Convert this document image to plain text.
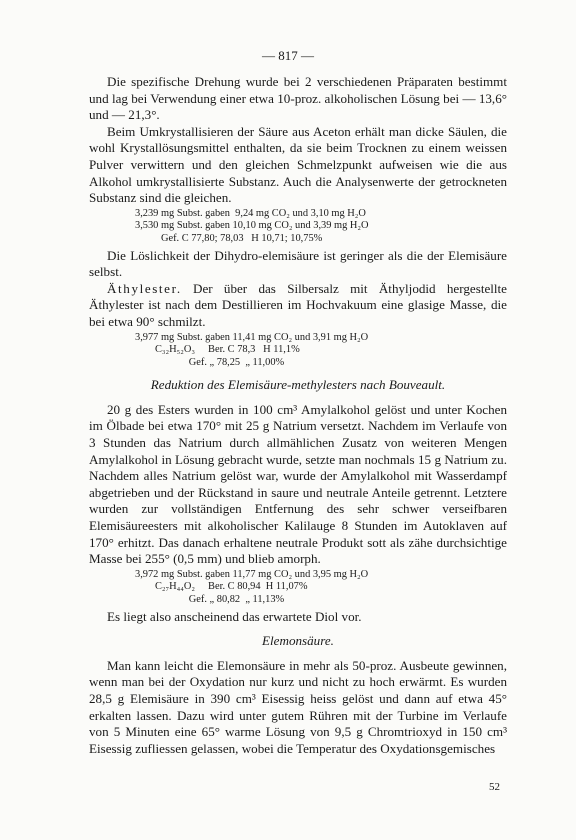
— 817 —

Die spezifische Drehung wurde bei 2 verschiedenen Präparaten bestimmt und lag bei Verwendung einer etwa 10-proz. alkoholischen Lösung bei — 13,6° und — 21,3°.

Beim Umkrystallisieren der Säure aus Aceton erhält man dicke Säulen, die wohl Krystallösungsmittel enthalten, da sie beim Trocknen zu einem weissen Pulver verwittern und den gleichen Schmelzpunkt aufweisen wie die aus Alkohol umkrystallisierte Substanz. Auch die Analysenwerte der getrockneten Substanz sind die gleichen.

3,239 mg Subst. gaben  9,24 mg CO₂ und 3,10 mg H₂O
3,530 mg Subst. gaben 10,10 mg CO₂ und 3,39 mg H₂O
Gef. C 77,80; 78,03   H 10,71; 10,75%

Die Löslichkeit der Dihydro-elemisäure ist geringer als die der Elemisäure selbst.

Äthylester. Der über das Silbersalz mit Äthyljodid hergestellte Äthylester ist nach dem Destillieren im Hochvakuum eine glasige Masse, die bei etwa 90° schmilzt.

3,977 mg Subst. gaben 11,41 mg CO₂ und 3,91 mg H₂O
C₃₂H₅₂O₃     Ber. C 78,3   H 11,1%
Gef. „ 78,25  „ 11,00%

Reduktion des Elemisäure-methylesters nach Bouveault.

20 g des Esters wurden in 100 cm³ Amylalkohol gelöst und unter Kochen im Ölbade bei etwa 170° mit 25 g Natrium versetzt. Nachdem im Verlaufe von 3 Stunden das Natrium durch allmählichen Zusatz von weiteren Mengen Amylalkohol in Lösung gebracht wurde, setzte man nochmals 15 g Natrium zu. Nachdem alles Natrium gelöst war, wurde der Amylalkohol mit Wasserdampf abgetrieben und der Rückstand in saure und neutrale Anteile getrennt. Letztere wurden zur vollständigen Entfernung des sehr schwer verseifbaren Elemisäureesters mit alkoholischer Kalilauge 8 Stunden im Autoklaven auf 170° erhitzt. Das danach erhaltene neutrale Produkt sott als zähe durchsichtige Masse bei 255° (0,5 mm) und blieb amorph.

3,972 mg Subst. gaben 11,77 mg CO₂ und 3,95 mg H₂O
C₂₇H₄₄O₂     Ber. C 80,94  H 11,07%
Gef. „ 80,82  „ 11,13%

Es liegt also anscheinend das erwartete Diol vor.

Elemonsäure.

Man kann leicht die Elemonsäure in mehr als 50-proz. Ausbeute gewinnen, wenn man bei der Oxydation nur kurz und nicht zu hoch erwärmt. Es wurden 28,5 g Elemisäure in 390 cm³ Eisessig heiss gelöst und dann auf etwa 45° erkalten lassen. Dazu wird unter gutem Rühren mit der Turbine im Verlaufe von 5 Minuten eine 65° warme Lösung von 9,5 g Chromtrioxyd in 150 cm³ Eisessig zufliessen gelassen, wobei die Temperatur des Oxydationsgemisches

52
